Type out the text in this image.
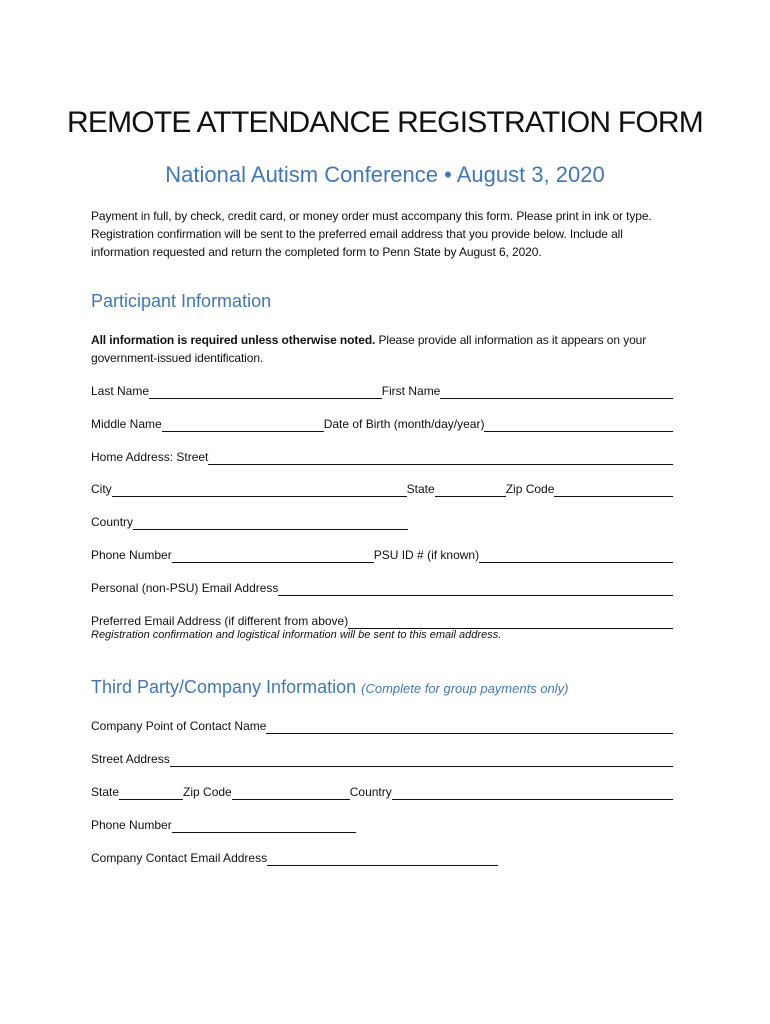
REMOTE ATTENDANCE REGISTRATION FORM
National Autism Conference • August 3, 2020
Payment in full, by check, credit card, or money order must accompany this form. Please print in ink or type. Registration confirmation will be sent to the preferred email address that you provide below. Include all information requested and return the completed form to Penn State by August 6, 2020.
Participant Information
All information is required unless otherwise noted. Please provide all information as it appears on your government-issued identification.
Last Name	First Name
Middle Name	Date of Birth (month/day/year)
Home Address: Street
City	State	Zip Code
Country
Phone Number	PSU ID # (if known)
Personal (non-PSU) Email Address
Preferred Email Address (if different from above)
Registration confirmation and logistical information will be sent to this email address.
Third Party/Company Information (Complete for group payments only)
Company Point of Contact Name
Street Address
State	Zip Code	Country
Phone Number
Company Contact Email Address
